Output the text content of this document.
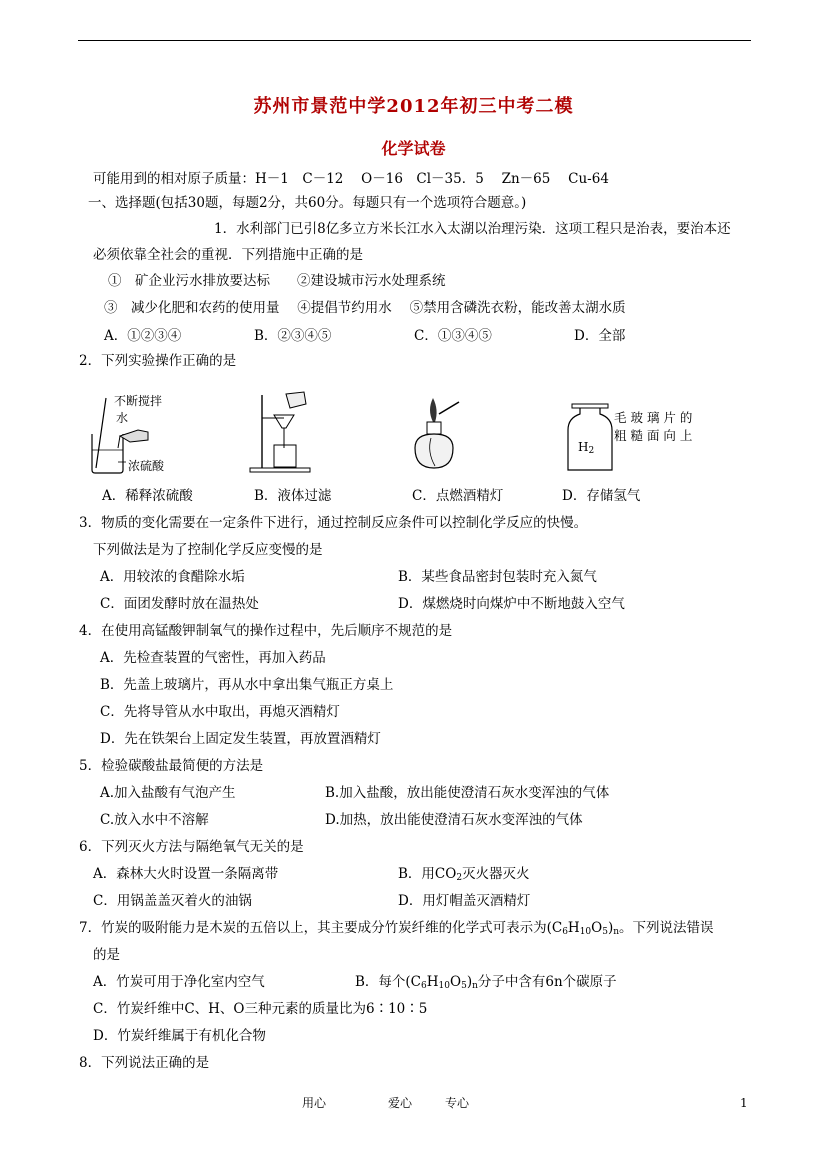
苏州市景范中学2012年初三中考二模
化学试卷
可能用到的相对原子质量：H－1　C－12　 O－16　Cl－35．5　 Zn－65　 Cu-64
一、选择题(包括30题，每题2分，共60分。每题只有一个选项符合题意。)
1．水利部门已引8亿多立方米长江水入太湖以治理污染．这项工程只是治表，要治本还
必须依靠全社会的重视．下列措施中正确的是
①　矿企业污水排放要达标　　②建设城市污水处理系统
③　减少化肥和农药的使用量　 ④提倡节约用水　 ⑤禁用含磷洗衣粉，能改善太湖水质
A．①②③④	B．②③④⑤	C．①③④⑤	D．全部
2．下列实验操作正确的是
不断搅拌
水
浓硫酸
$H_2$
毛 玻 璃 片 的
粗 糙 面 向 上
A．稀释浓硫酸	B．液体过滤	C．点燃酒精灯	D．存储氢气
3．物质的变化需要在一定条件下进行，通过控制反应条件可以控制化学反应的快慢。
下列做法是为了控制化学反应变慢的是
A．用较浓的食醋除水垢	B．某些食品密封包装时充入氮气
C．面团发酵时放在温热处	D．煤燃烧时向煤炉中不断地鼓入空气
4．在使用高锰酸钾制氧气的操作过程中，先后顺序不规范的是
A．先检查装置的气密性，再加入药品
B．先盖上玻璃片，再从水中拿出集气瓶正方桌上
C．先将导管从水中取出，再熄灭酒精灯
D．先在铁架台上固定发生装置，再放置酒精灯
5．检验碳酸盐最简便的方法是
A.加入盐酸有气泡产生	B.加入盐酸，放出能使澄清石灰水变浑浊的气体
C.放入水中不溶解	D.加热，放出能使澄清石灰水变浑浊的气体
6．下列灭火方法与隔绝氧气无关的是
A．森林大火时设置一条隔离带	B．用$CO_2$灭火器灭火
C．用锅盖盖灭着火的油锅	D．用灯帽盖灭酒精灯
7．竹炭的吸附能力是木炭的五倍以上，其主要成分竹炭纤维的化学式可表示为$(C_6H_{10}O_5)_n$。下列说法错误
的是
A．竹炭可用于净化室内空气	B．每个$(C_6H_{10}O_5)_n$分子中含有6n个碳原子
C．竹炭纤维中C、H、O三种元素的质量比为6∶10∶5
D．竹炭纤维属于有机化合物
8．下列说法正确的是
用心	爱心	专心	1
